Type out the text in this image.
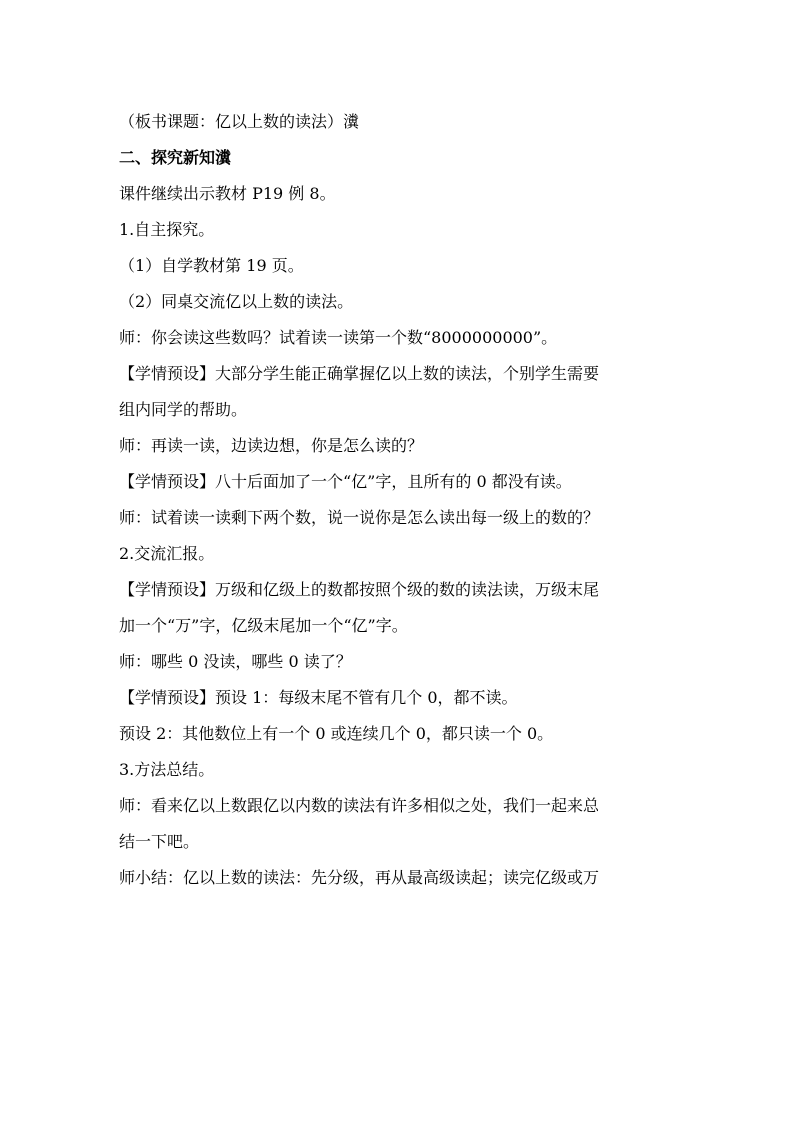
（板书课题：亿以上数的读法）瀵
二、探究新知瀵
课件继续出示教材 P19 例 8。
1.自主探究。
（1）自学教材第 19 页。
（2）同桌交流亿以上数的读法。
师：你会读这些数吗？试着读一读第一个数“8000000000”。
【学情预设】大部分学生能正确掌握亿以上数的读法，个别学生需要
组内同学的帮助。
师：再读一读，边读边想，你是怎么读的？
【学情预设】八十后面加了一个“亿”字，且所有的 0 都没有读。
师：试着读一读剩下两个数，说一说你是怎么读出每一级上的数的？
2.交流汇报。
【学情预设】万级和亿级上的数都按照个级的数的读法读，万级末尾
加一个“万”字，亿级末尾加一个“亿”字。
师：哪些 0 没读，哪些 0 读了？
【学情预设】预设 1：每级末尾不管有几个 0，都不读。
预设 2：其他数位上有一个 0 或连续几个 0，都只读一个 0。
3.方法总结。
师：看来亿以上数跟亿以内数的读法有许多相似之处，我们一起来总
结一下吧。
师小结：亿以上数的读法：先分级，再从最高级读起；读完亿级或万
